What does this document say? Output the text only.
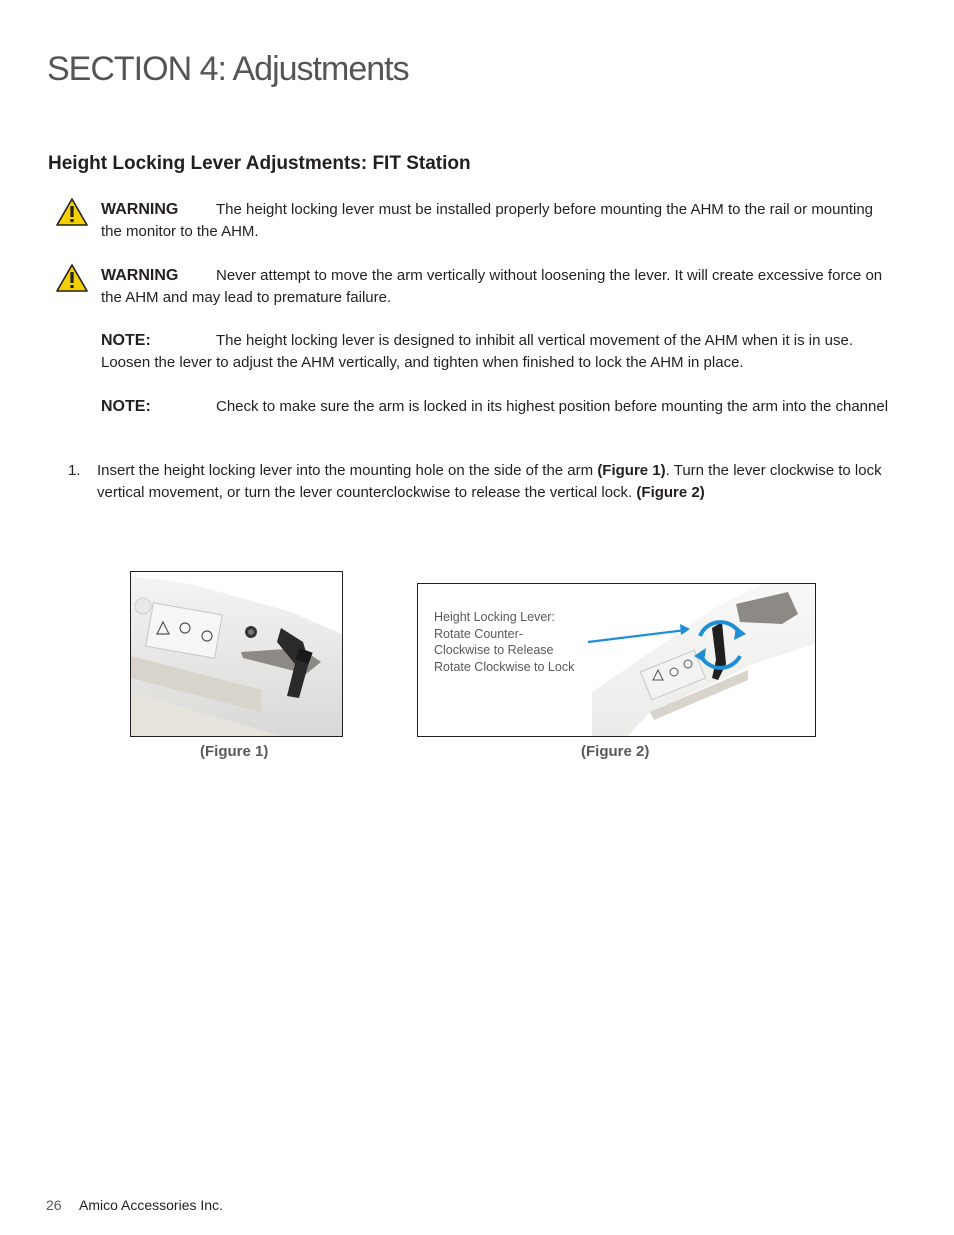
SECTION 4: Adjustments
Height Locking Lever Adjustments: FIT Station
WARNING	The height locking lever must be installed properly before mounting the AHM to the rail or mounting the monitor to the AHM.
WARNING	Never attempt to move the arm vertically without loosening the lever. It will create excessive force on the AHM and may lead to premature failure.
NOTE:	The height locking lever is designed to inhibit all vertical movement of the AHM when it is in use. Loosen the lever to adjust the AHM vertically, and tighten when finished to lock the AHM in place.
NOTE:	Check to make sure the arm is locked in its highest position before mounting the arm into the channel
1. Insert the height locking lever into the mounting hole on the side of the arm (Figure 1). Turn the lever clockwise to lock vertical movement, or turn the lever counterclockwise to release the vertical lock. (Figure 2)
(Figure 1)
Height Locking Lever:
Rotate Counter-
Clockwise to Release
Rotate Clockwise to Lock
(Figure 2)
26 Amico Accessories Inc.
